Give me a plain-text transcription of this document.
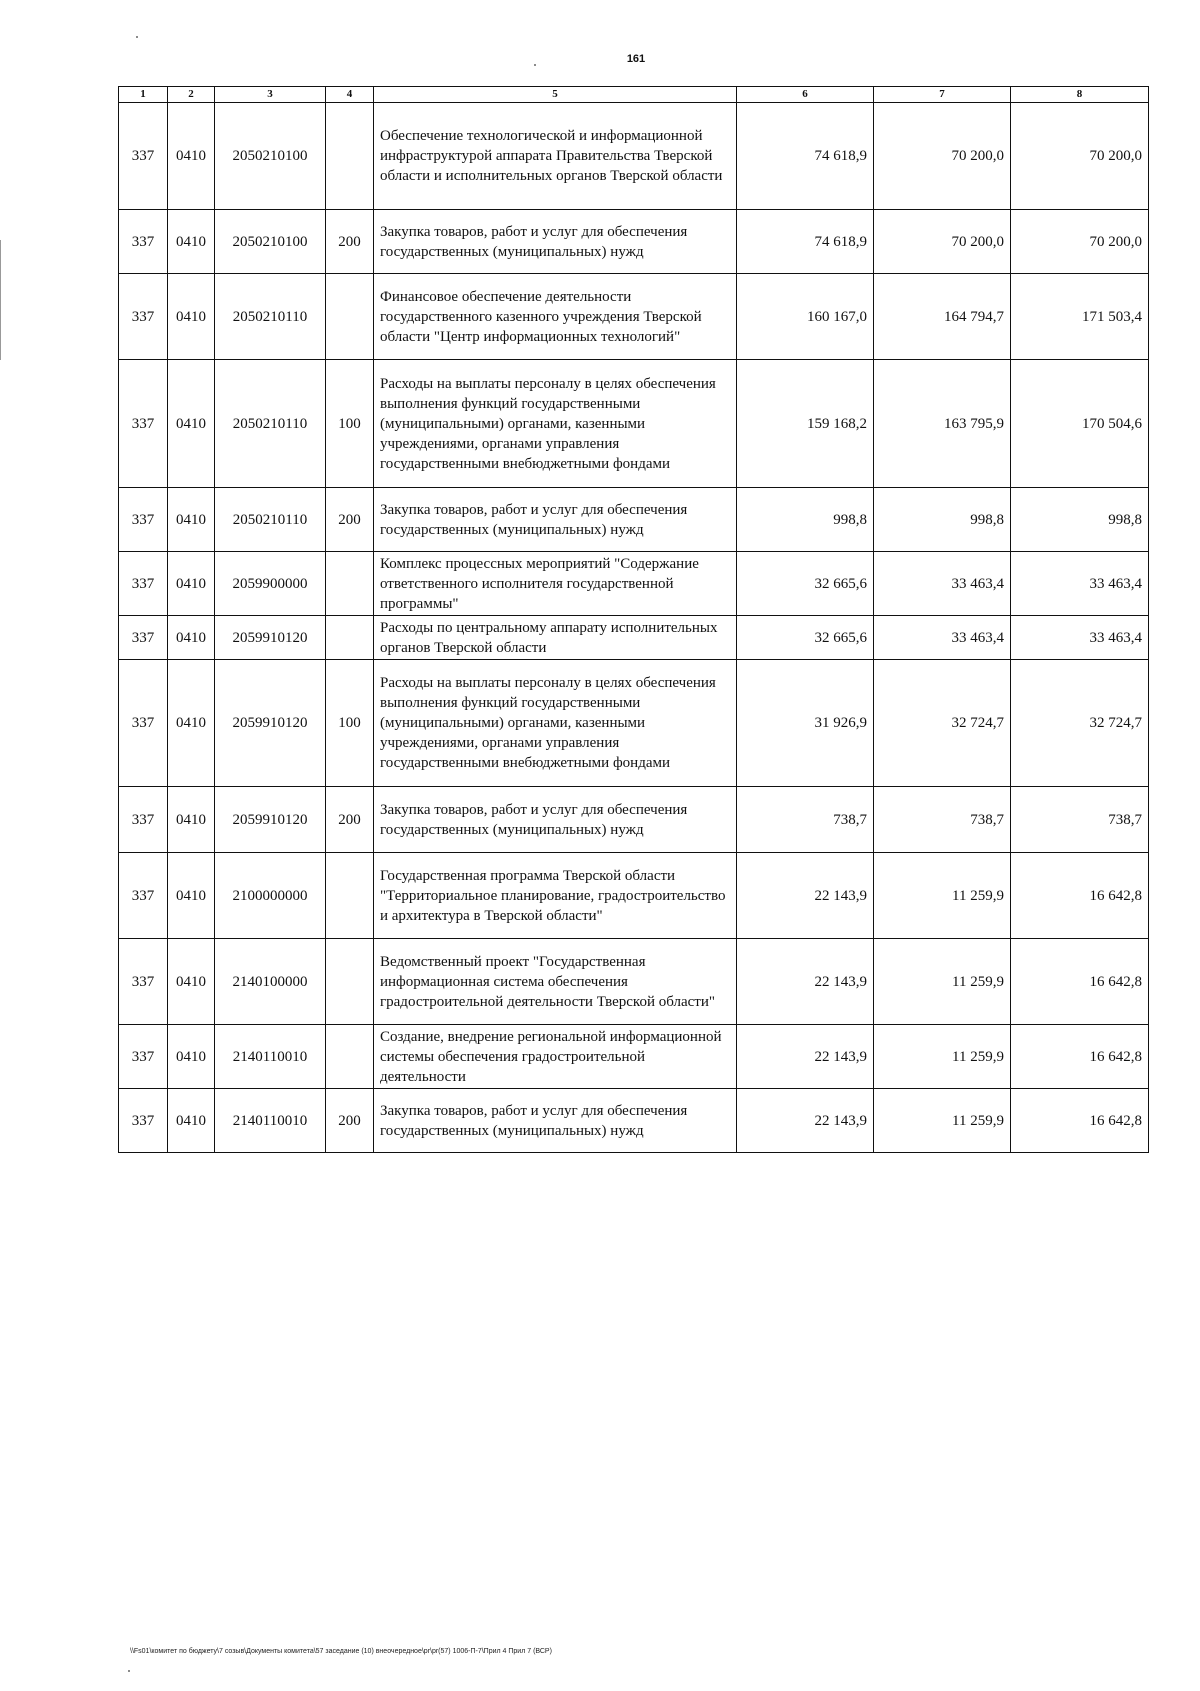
161
1	2	3	4	5	6	7	8
337	0410	2050210100		Обеспечение технологической и информационной инфраструктурой аппарата Правительства Тверской области и исполнительных органов Тверской области	74 618,9	70 200,0	70 200,0
337	0410	2050210100	200	Закупка товаров, работ и услуг для обеспечения государственных (муниципальных) нужд	74 618,9	70 200,0	70 200,0
337	0410	2050210110		Финансовое обеспечение деятельности государственного казенного учреждения Тверской области "Центр информационных технологий"	160 167,0	164 794,7	171 503,4
337	0410	2050210110	100	Расходы на выплаты персоналу в целях обеспечения выполнения функций государственными (муниципальными) органами, казенными учреждениями, органами управления государственными внебюджетными фондами	159 168,2	163 795,9	170 504,6
337	0410	2050210110	200	Закупка товаров, работ и услуг для обеспечения государственных (муниципальных) нужд	998,8	998,8	998,8
337	0410	2059900000		Комплекс процессных мероприятий "Содержание ответственного исполнителя государственной программы"	32 665,6	33 463,4	33 463,4
337	0410	2059910120		Расходы по центральному аппарату исполнительных органов Тверской области	32 665,6	33 463,4	33 463,4
337	0410	2059910120	100	Расходы на выплаты персоналу в целях обеспечения выполнения функций государственными (муниципальными) органами, казенными учреждениями, органами управления государственными внебюджетными фондами	31 926,9	32 724,7	32 724,7
337	0410	2059910120	200	Закупка товаров, работ и услуг для обеспечения государственных (муниципальных) нужд	738,7	738,7	738,7
337	0410	2100000000		Государственная программа Тверской области "Территориальное планирование, градостроительство и архитектура в Тверской области"	22 143,9	11 259,9	16 642,8
337	0410	2140100000		Ведомственный проект "Государственная информационная система обеспечения градостроительной деятельности Тверской области"	22 143,9	11 259,9	16 642,8
337	0410	2140110010		Создание, внедрение региональной информационной системы обеспечения градостроительной деятельности	22 143,9	11 259,9	16 642,8
337	0410	2140110010	200	Закупка товаров, работ и услуг для обеспечения государственных (муниципальных) нужд	22 143,9	11 259,9	16 642,8
\\Fs01\комитет по бюджету\7 созыв\Документы комитета\57 заседание (10) внеочередное\pr\pr(57) 1006-П-7\Прил 4 Прил 7 (ВСР)
